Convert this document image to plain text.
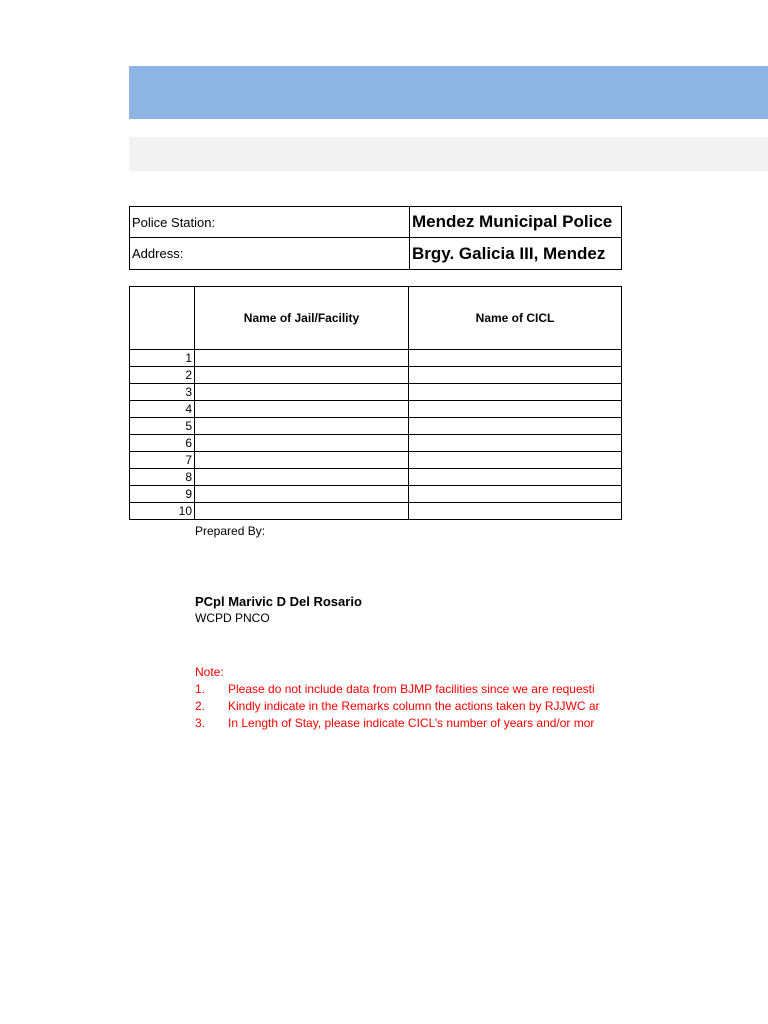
Police Station:	Mendez Municipal Police
Address:	Brgy. Galicia III, Mendez
	Name of Jail/Facility	Name of CICL
1		
2		
3		
4		
5		
6		
7		
8		
9		
10		
Prepared By:
PCpl Marivic D Del Rosario
WCPD PNCO
Note:
1. Please do not include data from BJMP facilities since we are requesti
2. Kindly indicate in the Remarks column the actions taken by RJJWC ar
3. In Length of Stay, please indicate CICL’s number of years and/or mor
